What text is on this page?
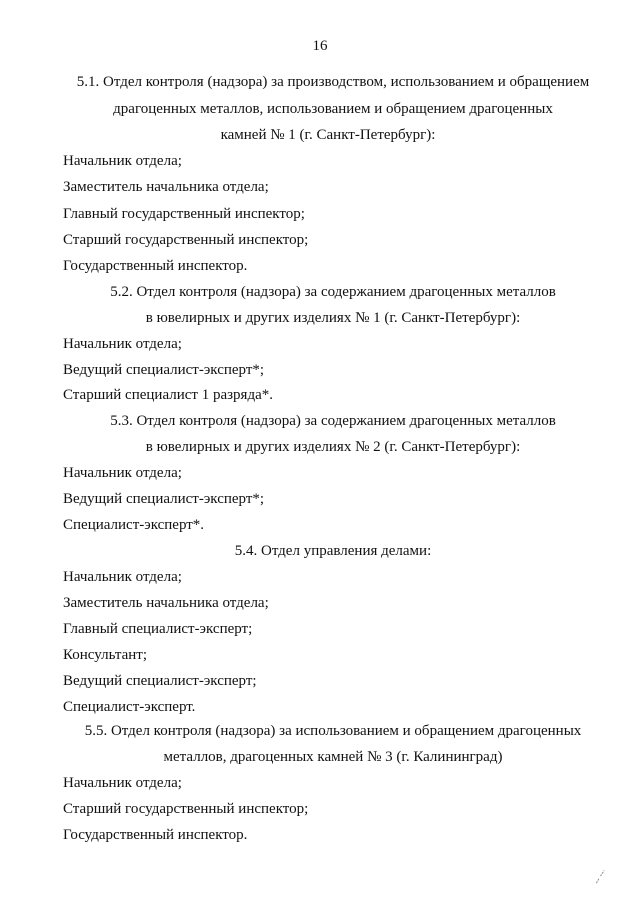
16
5.1. Отдел контроля (надзора) за производством, использованием и обращением
драгоценных металлов, использованием и обращением драгоценных
камней № 1 (г. Санкт-Петербург):
Начальник отдела;
Заместитель начальника отдела;
Главный государственный инспектор;
Старший государственный инспектор;
Государственный инспектор.
5.2. Отдел контроля (надзора) за содержанием драгоценных металлов
в ювелирных и других изделиях № 1 (г. Санкт-Петербург):
Начальник отдела;
Ведущий специалист-эксперт*;
Старший специалист 1 разряда*.
5.3. Отдел контроля (надзора) за содержанием драгоценных металлов
в ювелирных и других изделиях № 2 (г. Санкт-Петербург):
Начальник отдела;
Ведущий специалист-эксперт*;
Специалист-эксперт*.
5.4. Отдел управления делами:
Начальник отдела;
Заместитель начальника отдела;
Главный специалист-эксперт;
Консультант;
Ведущий специалист-эксперт;
Специалист-эксперт.
5.5. Отдел контроля (надзора) за использованием и обращением драгоценных
металлов, драгоценных камней № 3 (г. Калининград)
Начальник отдела;
Старший государственный инспектор;
Государственный инспектор.
